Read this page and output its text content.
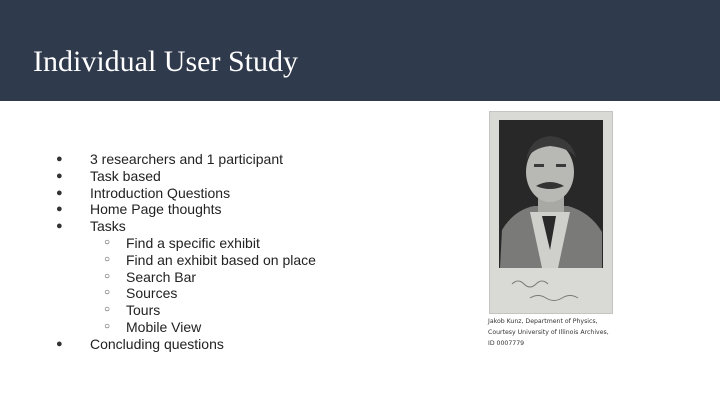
Individual User Study
● 3 researchers and 1 participant
● Task based
● Introduction Questions
● Home Page thoughts
● Tasks
○ Find a specific exhibit
○ Find an exhibit based on place
○ Search Bar
○ Sources
○ Tours
○ Mobile View
● Concluding questions
Jakob Kunz, Department of Physics,
Courtesy University of Illinois Archives,
ID 0007779
